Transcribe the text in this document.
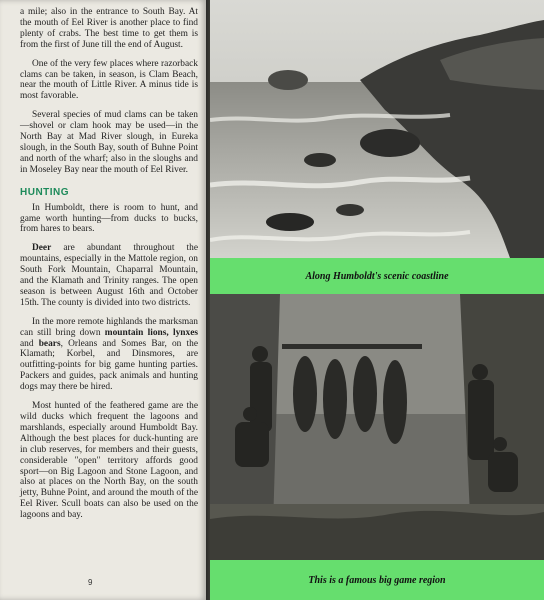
a mile; also in the entrance to South Bay. At the mouth of Eel River is another place to find plenty of crabs. The best time to get them is from the first of June till the end of August.

One of the very few places where razorback clams can be taken, in season, is Clam Beach, near the mouth of Little River. A minus tide is most favorable.

Several species of mud clams can be taken—shovel or clam hook may be used—in the North Bay at Mad River slough, in Eureka slough, in the South Bay, south of Buhne Point and north of the wharf; also in the sloughs and in Moseley Bay near the mouth of Eel River.

HUNTING

In Humboldt, there is room to hunt, and game worth hunting—from ducks to bucks, from hares to bears.

Deer are abundant throughout the mountains, especially in the Mattole region, on South Fork Mountain, Chaparral Mountain, and the Klamath and Trinity ranges. The open season is between August 16th and October 15th. The county is divided into two districts.

In the more remote highlands the marksman can still bring down mountain lions, lynxes and bears, Orleans and Somes Bar, on the Klamath; Korbel, and Dinsmores, are outfitting-points for big game hunting parties. Packers and guides, pack animals and hunting dogs may there be hired.

Most hunted of the feathered game are the wild ducks which frequent the lagoons and marshlands, especially around Humboldt Bay. Although the best places for duck-hunting are in club reserves, for members and their guests, considerable "open" territory affords good sport—on Big Lagoon and Stone Lagoon, and also at places on the North Bay, on the south jetty, Buhne Point, and around the mouth of the Eel River. Scull boats can also be used on the lagoons and bay.

9
Along Humboldt's scenic coastline
This is a famous big game region
